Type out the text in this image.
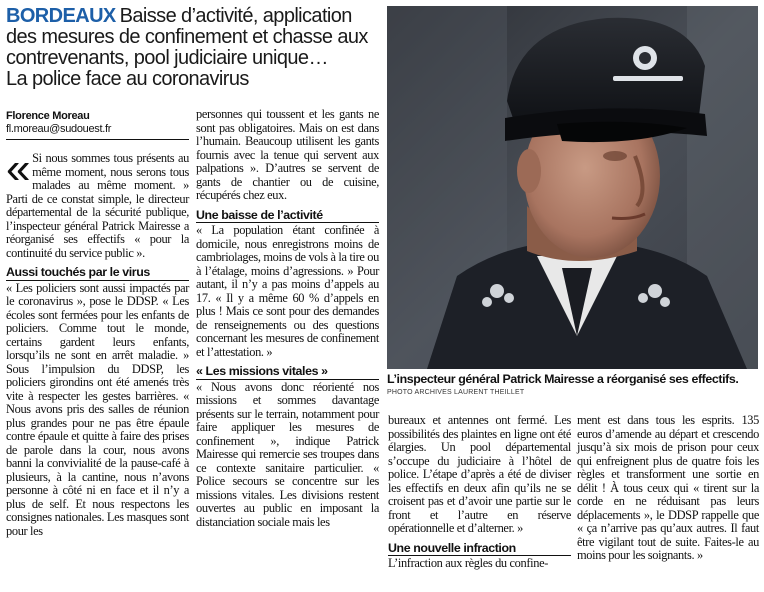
BORDEAUX Baisse d’activité, application des mesures de confinement et chasse aux contrevenants, pool judiciaire unique…
La police face au coronavirus
Florence Moreau
fl.moreau@sudouest.fr

« Si nous sommes tous présents au même moment, nous serons tous malades au même moment. » Parti de ce constat simple, le directeur départemental de la sécurité publique, l’inspecteur général Patrick Mairesse a réorganisé ses effectifs « pour la continuité du service public ».

Aussi touchés par le virus

« Les policiers sont aussi impactés par le coronavirus », pose le DDSP. « Les écoles sont fermées pour les enfants de policiers. Comme tout le monde, certains gardent leurs enfants, lorsqu’ils ne sont en arrêt maladie. » Sous l’impulsion du DDSP, les policiers girondins ont été amenés très vite à respecter les gestes barrières. « Nous avons pris des salles de réunion plus grandes pour ne pas être épaule contre épaule et quitte à faire des prises de parole dans la cour, nous avons banni la convivialité de la pause-café à plusieurs, à la cantine, nous n’avons personne à côté ni en face et il n’y a plus de self. Et nous respectons les consignes nationales. Les masques sont pour les

personnes qui toussent et les gants ne sont pas obligatoires. Mais on est dans l’humain. Beaucoup utilisent les gants fournis avec la tenue qui servent aux palpations ». D’autres se servent de gants de chantier ou de cuisine, récupérés chez eux.

Une baisse de l’activité

« La population étant confinée à domicile, nous enregistrons moins de cambriolages, moins de vols à la tire ou à l’étalage, moins d’agressions. » Pour autant, il n’y a pas moins d’appels au 17. « Il y a même 60 % d’appels en plus ! Mais ce sont pour des demandes de renseignements ou des questions concernant les mesures de confinement et l’attestation. »

« Les missions vitales »

« Nous avons donc réorienté nos missions et sommes davantage présents sur le terrain, notamment pour faire appliquer les mesures de confinement », indique Patrick Mairesse qui remercie ses troupes dans ce contexte sanitaire particulier. « Police secours se concentre sur les missions vitales. Les divisions restent ouvertes au public en imposant la distanciation sociale mais les

L’inspecteur général Patrick Mairesse a réorganisé ses effectifs.
PHOTO ARCHIVES LAURENT THEILLET

bureaux et antennes ont fermé. Les possibilités des plaintes en ligne ont été élargies. Un pool départemental s’occupe du judiciaire à l’hôtel de police. L’étape d’après a été de diviser les effectifs en deux afin qu’ils ne se croisent pas et d’avoir une partie sur le front et l’autre en réserve opérationnelle et d’alterner. »

Une nouvelle infraction

L’infraction aux règles du confine-

ment est dans tous les esprits. 135 euros d’amende au départ et crescendo jusqu’à six mois de prison pour ceux qui enfreignent plus de quatre fois les règles et transforment une sortie en délit ! À tous ceux qui « tirent sur la corde en ne réduisant pas leurs déplacements », le DDSP rappelle que « ça n’arrive pas qu’aux autres. Il faut être vigilant tout de suite. Faites-le au moins pour les soignants. »
